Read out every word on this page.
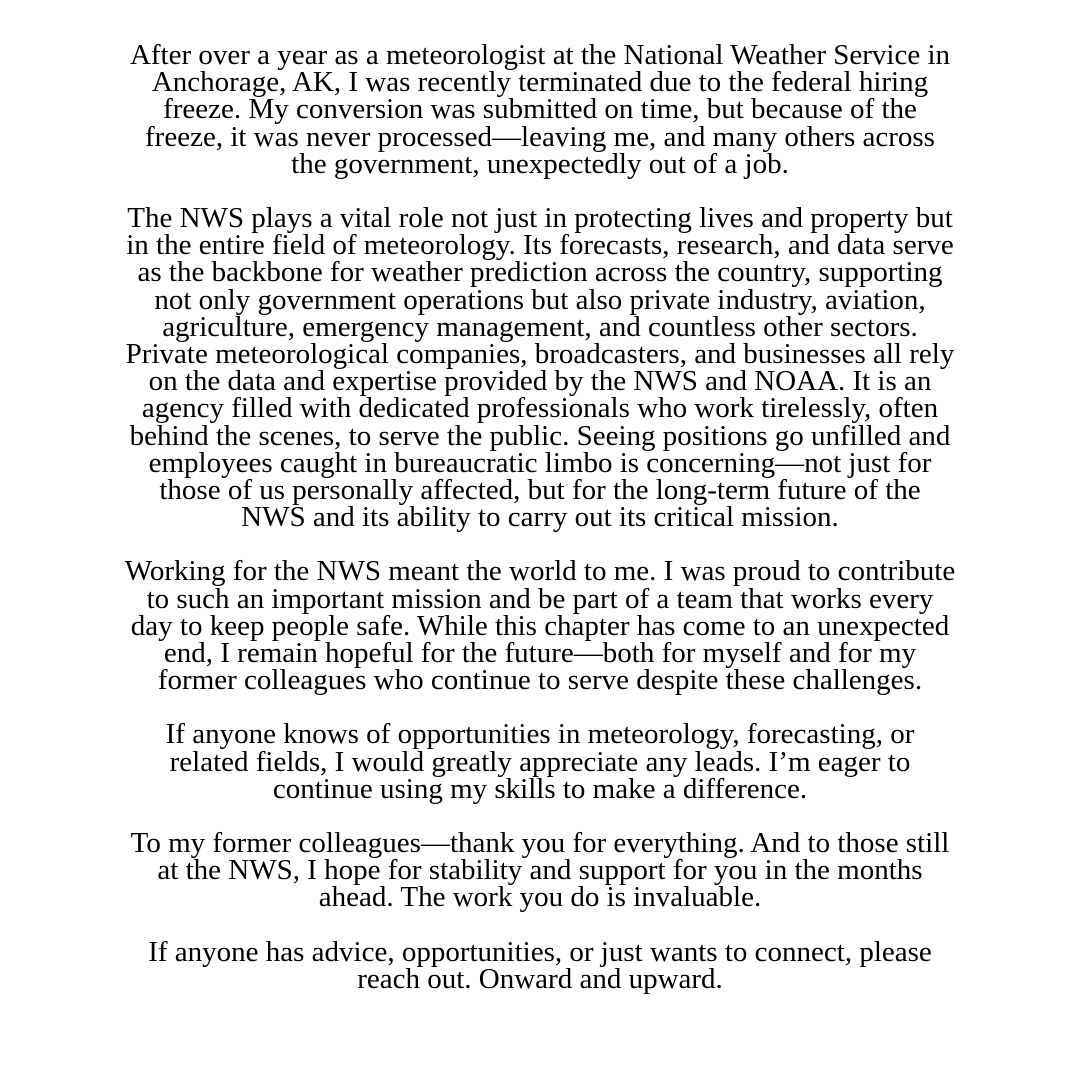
After over a year as a meteorologist at the National Weather Service in
Anchorage, AK, I was recently terminated due to the federal hiring
freeze. My conversion was submitted on time, but because of the
freeze, it was never processed—leaving me, and many others across
the government, unexpectedly out of a job.

The NWS plays a vital role not just in protecting lives and property but
in the entire field of meteorology. Its forecasts, research, and data serve
as the backbone for weather prediction across the country, supporting
not only government operations but also private industry, aviation,
agriculture, emergency management, and countless other sectors.
Private meteorological companies, broadcasters, and businesses all rely
on the data and expertise provided by the NWS and NOAA. It is an
agency filled with dedicated professionals who work tirelessly, often
behind the scenes, to serve the public. Seeing positions go unfilled and
employees caught in bureaucratic limbo is concerning—not just for
those of us personally affected, but for the long-term future of the
NWS and its ability to carry out its critical mission.

Working for the NWS meant the world to me. I was proud to contribute
to such an important mission and be part of a team that works every
day to keep people safe. While this chapter has come to an unexpected
end, I remain hopeful for the future—both for myself and for my
former colleagues who continue to serve despite these challenges.

If anyone knows of opportunities in meteorology, forecasting, or
related fields, I would greatly appreciate any leads. I’m eager to
continue using my skills to make a difference.

To my former colleagues—thank you for everything. And to those still
at the NWS, I hope for stability and support for you in the months
ahead. The work you do is invaluable.

If anyone has advice, opportunities, or just wants to connect, please
reach out. Onward and upward.
